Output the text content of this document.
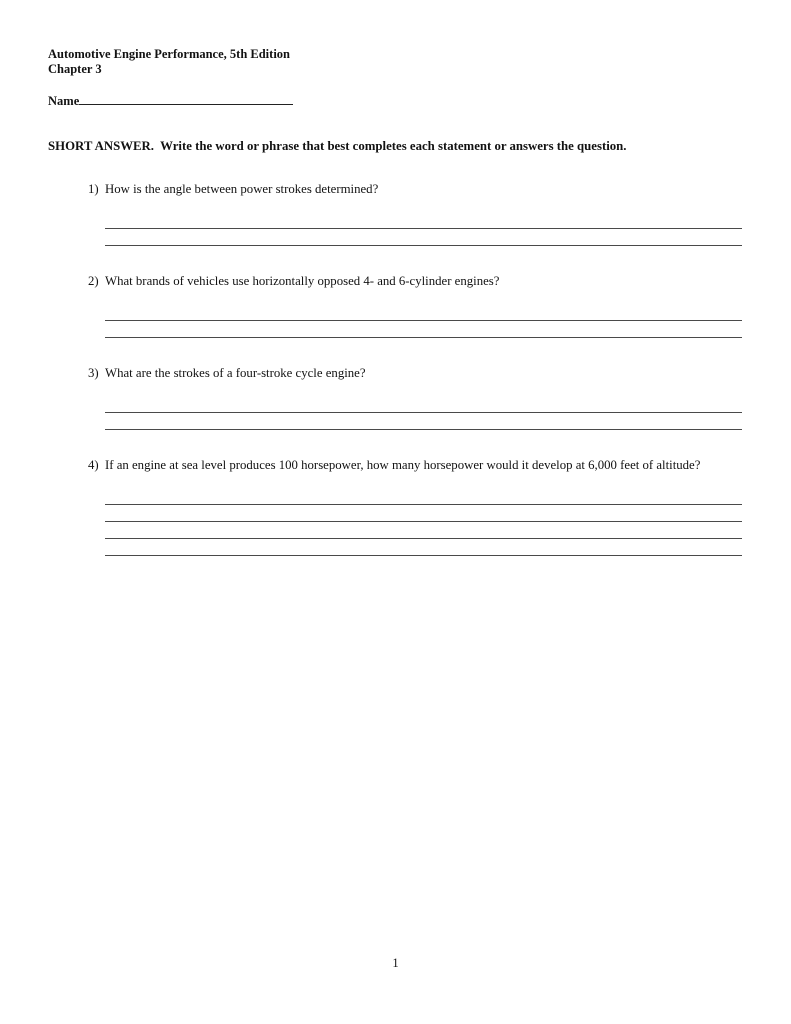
Automotive Engine Performance, 5th Edition
Chapter 3
Name
SHORT ANSWER.  Write the word or phrase that best completes each statement or answers the question.
1) How is the angle between power strokes determined?
2) What brands of vehicles use horizontally opposed 4- and 6-cylinder engines?
3) What are the strokes of a four-stroke cycle engine?
4) If an engine at sea level produces 100 horsepower, how many horsepower would it develop at 6,000 feet of altitude?
1
